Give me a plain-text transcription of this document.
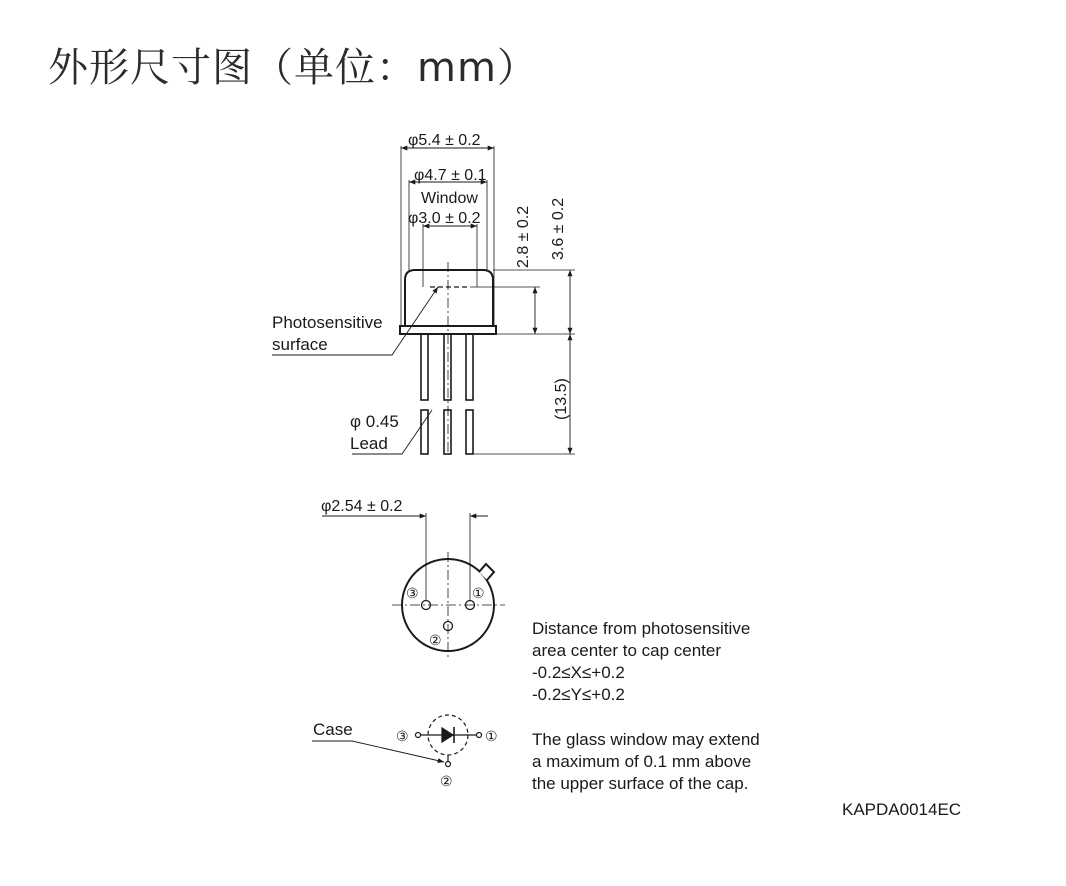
外形尺寸图（单位：mm）
φ5.4 ± 0.2
φ4.7 ± 0.1
Window
φ3.0 ± 0.2 2.8 ± 0.2 3.6 ± 0.2
(13.5)
Photosensitive
surface
φ 0.45
Lead
φ2.54 ± 0.2
③	①
②
Case	③	①
②
Distance from photosensitive
area center to cap center
-0.2≤X≤+0.2
-0.2≤Y≤+0.2
The glass window may extend
a maximum of 0.1 mm above
the upper surface of the cap.
KAPDA0014EC
